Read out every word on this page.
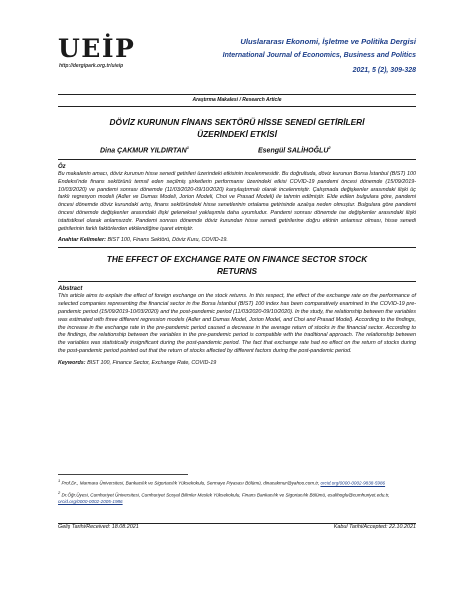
UEİP
http://dergipark.org.tr/uieip
Uluslararası Ekonomi, İşletme ve Politika Dergisi
International Journal of Economics, Business and Politics
2021, 5 (2), 309-328
Araştırma Makalesi / Research Article
DÖVİZ KURUNUN FİNANS SEKTÖRÜ HİSSE SENEDİ GETİRİLERİ
ÜZERİNDEKİ ETKİSİ
Dina ÇAKMUR YILDIRTAN$^1$	Esengül SALİHOĞLU$^2$
Öz
Bu makalenin amacı, döviz kurunun hisse senedi getirileri üzerindeki etkisinin incelenmesidir. Bu doğrultuda, döviz kurunun Borsa İstanbul (BIST) 100 Endeksi'nde finans sektörünü temsil eden seçilmiş şirketlerin performansı üzerindeki etkisi COVID-19 pandemi öncesi dönemde (15/09/2019-10/03/2020) ve pandemi sonrası dönemde (11/03/2020-09/10/2020) karşılaştırmalı olarak incelenmiştir. Çalışmada değişkenler arasındaki ilişki üç farklı regresyon modeli (Adler ve Dumas Modeli, Jorion Modeli, Choi ve Prasad Modeli) ile tahmin edilmiştir. Elde edilen bulgulara göre, pandemi öncesi dönemde döviz kurundaki artış, finans sektöründeki hisse senetlerinin ortalama getirisinde azalışa neden olmuştur. Bulgulara göre pandemi öncesi dönemde değişkenler arasındaki ilişki geleneksel yaklaşımla daha uyumludur. Pandemi sonrası dönemde ise değişkenler arasındaki ilişki istatistiksel olarak anlamsızdır. Pandemi sonrası dönemde döviz kurundan hisse senedi getirilerine doğru etkinin anlamsız olması, hisse senedi getirilerinin farklı faktörlerden etkilendiğine işaret etmiştir.
Anahtar Kelimeler: BIST 100, Finans Sektörü, Döviz Kuru, COVID-19.
THE EFFECT OF EXCHANGE RATE ON FINANCE SECTOR STOCK
RETURNS
Abstract
This article aims to explain the effect of foreign exchange on the stock returns. In this respect, the effect of the exchange rate on the performance of selected companies representing the financial sector in the Borsa İstanbul (BIST) 100 index has been comparatively examined in the COVID-19 pre-pandemic period (15/09/2019-10/03/2020) and the post-pandemic period (11/03/2020-09/10/2020). In the study, the relationship between the variables was estimated with three different regression models (Adler and Dumas Model, Jorion Model, and Choi and Prasad Model). According to the findings, the increase in the exchange rate in the pre-pandemic period caused a decrease in the average return of stocks in the financial sector. According to the findings, the relationship between the variables in the pre-pandemic period is compatible with the traditional approach. The relationship between the variables was statistically insignificant during the post-pandemic period. The fact that exchange rate had no effect on the return of stocks during the post-pandemic period pointed out that the return of stocks affected by different factors during the post-pandemic period.
Keywords: BIST 100, Finance Sector, Exchange Rate, COVID-19
$^1$ Prof.Dr., Marmara Üniversitesi, Bankacılık ve Sigortacılık Yüksekokulu, Sermaye Piyasası Bölümü, dinacakmur@yahoo.com.tr, orcid.org/0000-0002-9838-5986
$^2$ Dr.Öğr.Üyesi, Cumhuriyet Üniversitesi, Cumhuriyet Sosyal Bilimler Meslek Yüksekokulu, Finans Bankacılık ve Sigortacılık Bölümü, esalihoglu@cumhuriyet.edu.tr, orcid.org/0000-0002-2005-1986
Geliş Tarihi/Received: 18.08.2021	Kabul Tarihi/Accepted: 22.10.2021
